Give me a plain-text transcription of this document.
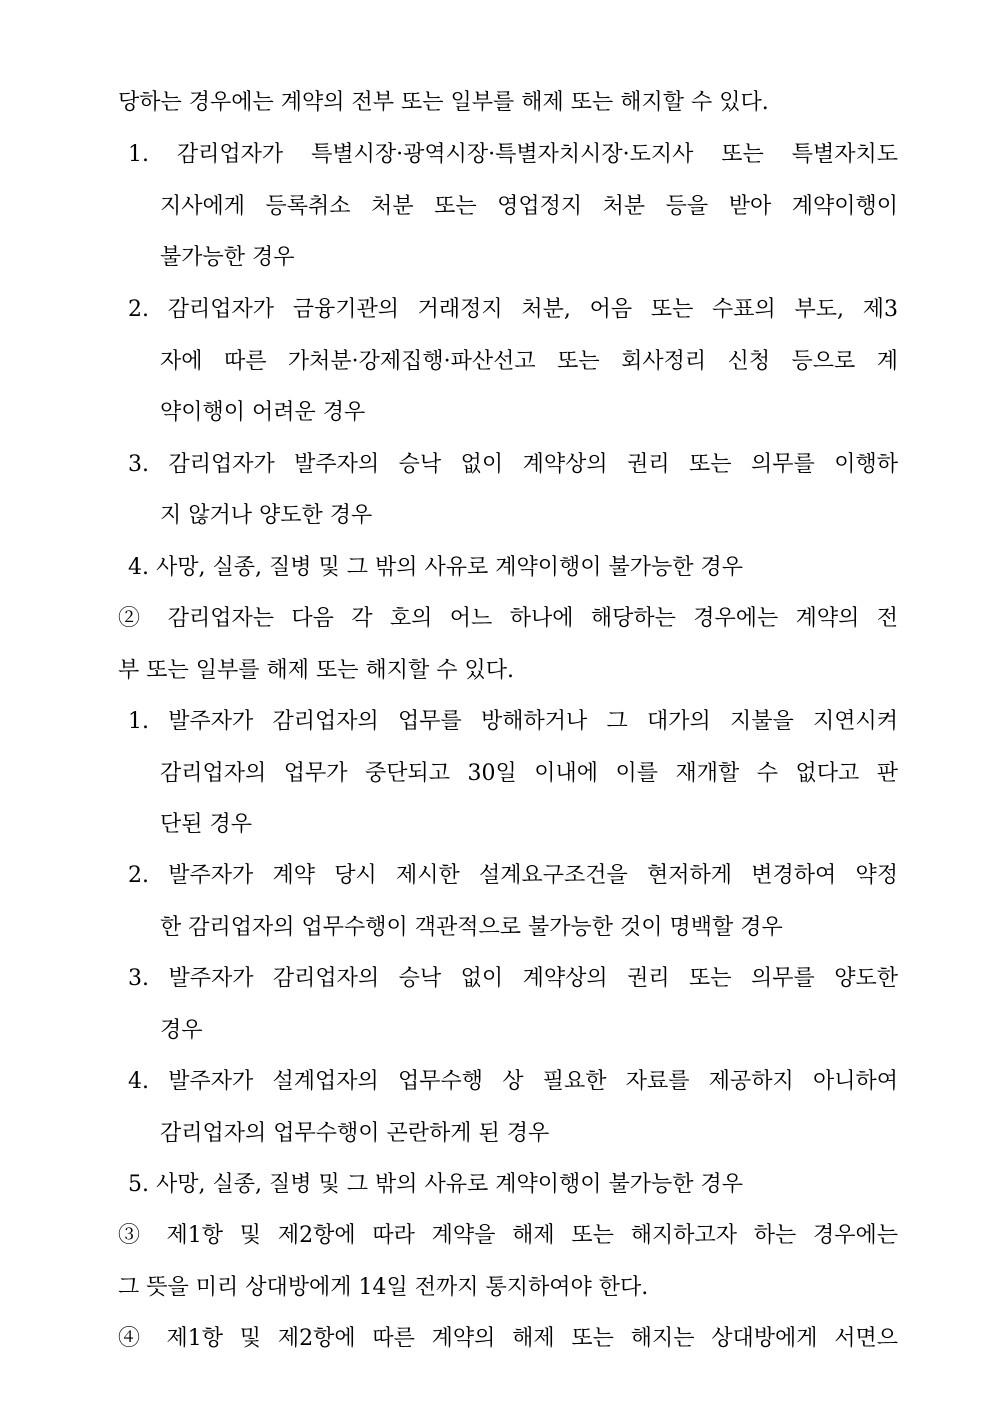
당하는 경우에는 계약의 전부 또는 일부를 해제 또는 해지할 수 있다.
1. 감리업자가 특별시장·광역시장·특별자치시장·도지사 또는 특별자치도
지사에게 등록취소 처분 또는 영업정지 처분 등을 받아 계약이행이
불가능한 경우
2. 감리업자가 금융기관의 거래정지 처분, 어음 또는 수표의 부도, 제3
자에 따른 가처분·강제집행·파산선고 또는 회사정리 신청 등으로 계
약이행이 어려운 경우
3. 감리업자가 발주자의 승낙 없이 계약상의 권리 또는 의무를 이행하
지 않거나 양도한 경우
4. 사망, 실종, 질병 및 그 밖의 사유로 계약이행이 불가능한 경우
② 감리업자는 다음 각 호의 어느 하나에 해당하는 경우에는 계약의 전
부 또는 일부를 해제 또는 해지할 수 있다.
1. 발주자가 감리업자의 업무를 방해하거나 그 대가의 지불을 지연시켜
감리업자의 업무가 중단되고 30일 이내에 이를 재개할 수 없다고 판
단된 경우
2. 발주자가 계약 당시 제시한 설계요구조건을 현저하게 변경하여 약정
한 감리업자의 업무수행이 객관적으로 불가능한 것이 명백할 경우
3. 발주자가 감리업자의 승낙 없이 계약상의 권리 또는 의무를 양도한
경우
4. 발주자가 설계업자의 업무수행 상 필요한 자료를 제공하지 아니하여
감리업자의 업무수행이 곤란하게 된 경우
5. 사망, 실종, 질병 및 그 밖의 사유로 계약이행이 불가능한 경우
③ 제1항 및 제2항에 따라 계약을 해제 또는 해지하고자 하는 경우에는
그 뜻을 미리 상대방에게 14일 전까지 통지하여야 한다.
④ 제1항 및 제2항에 따른 계약의 해제 또는 해지는 상대방에게 서면으
